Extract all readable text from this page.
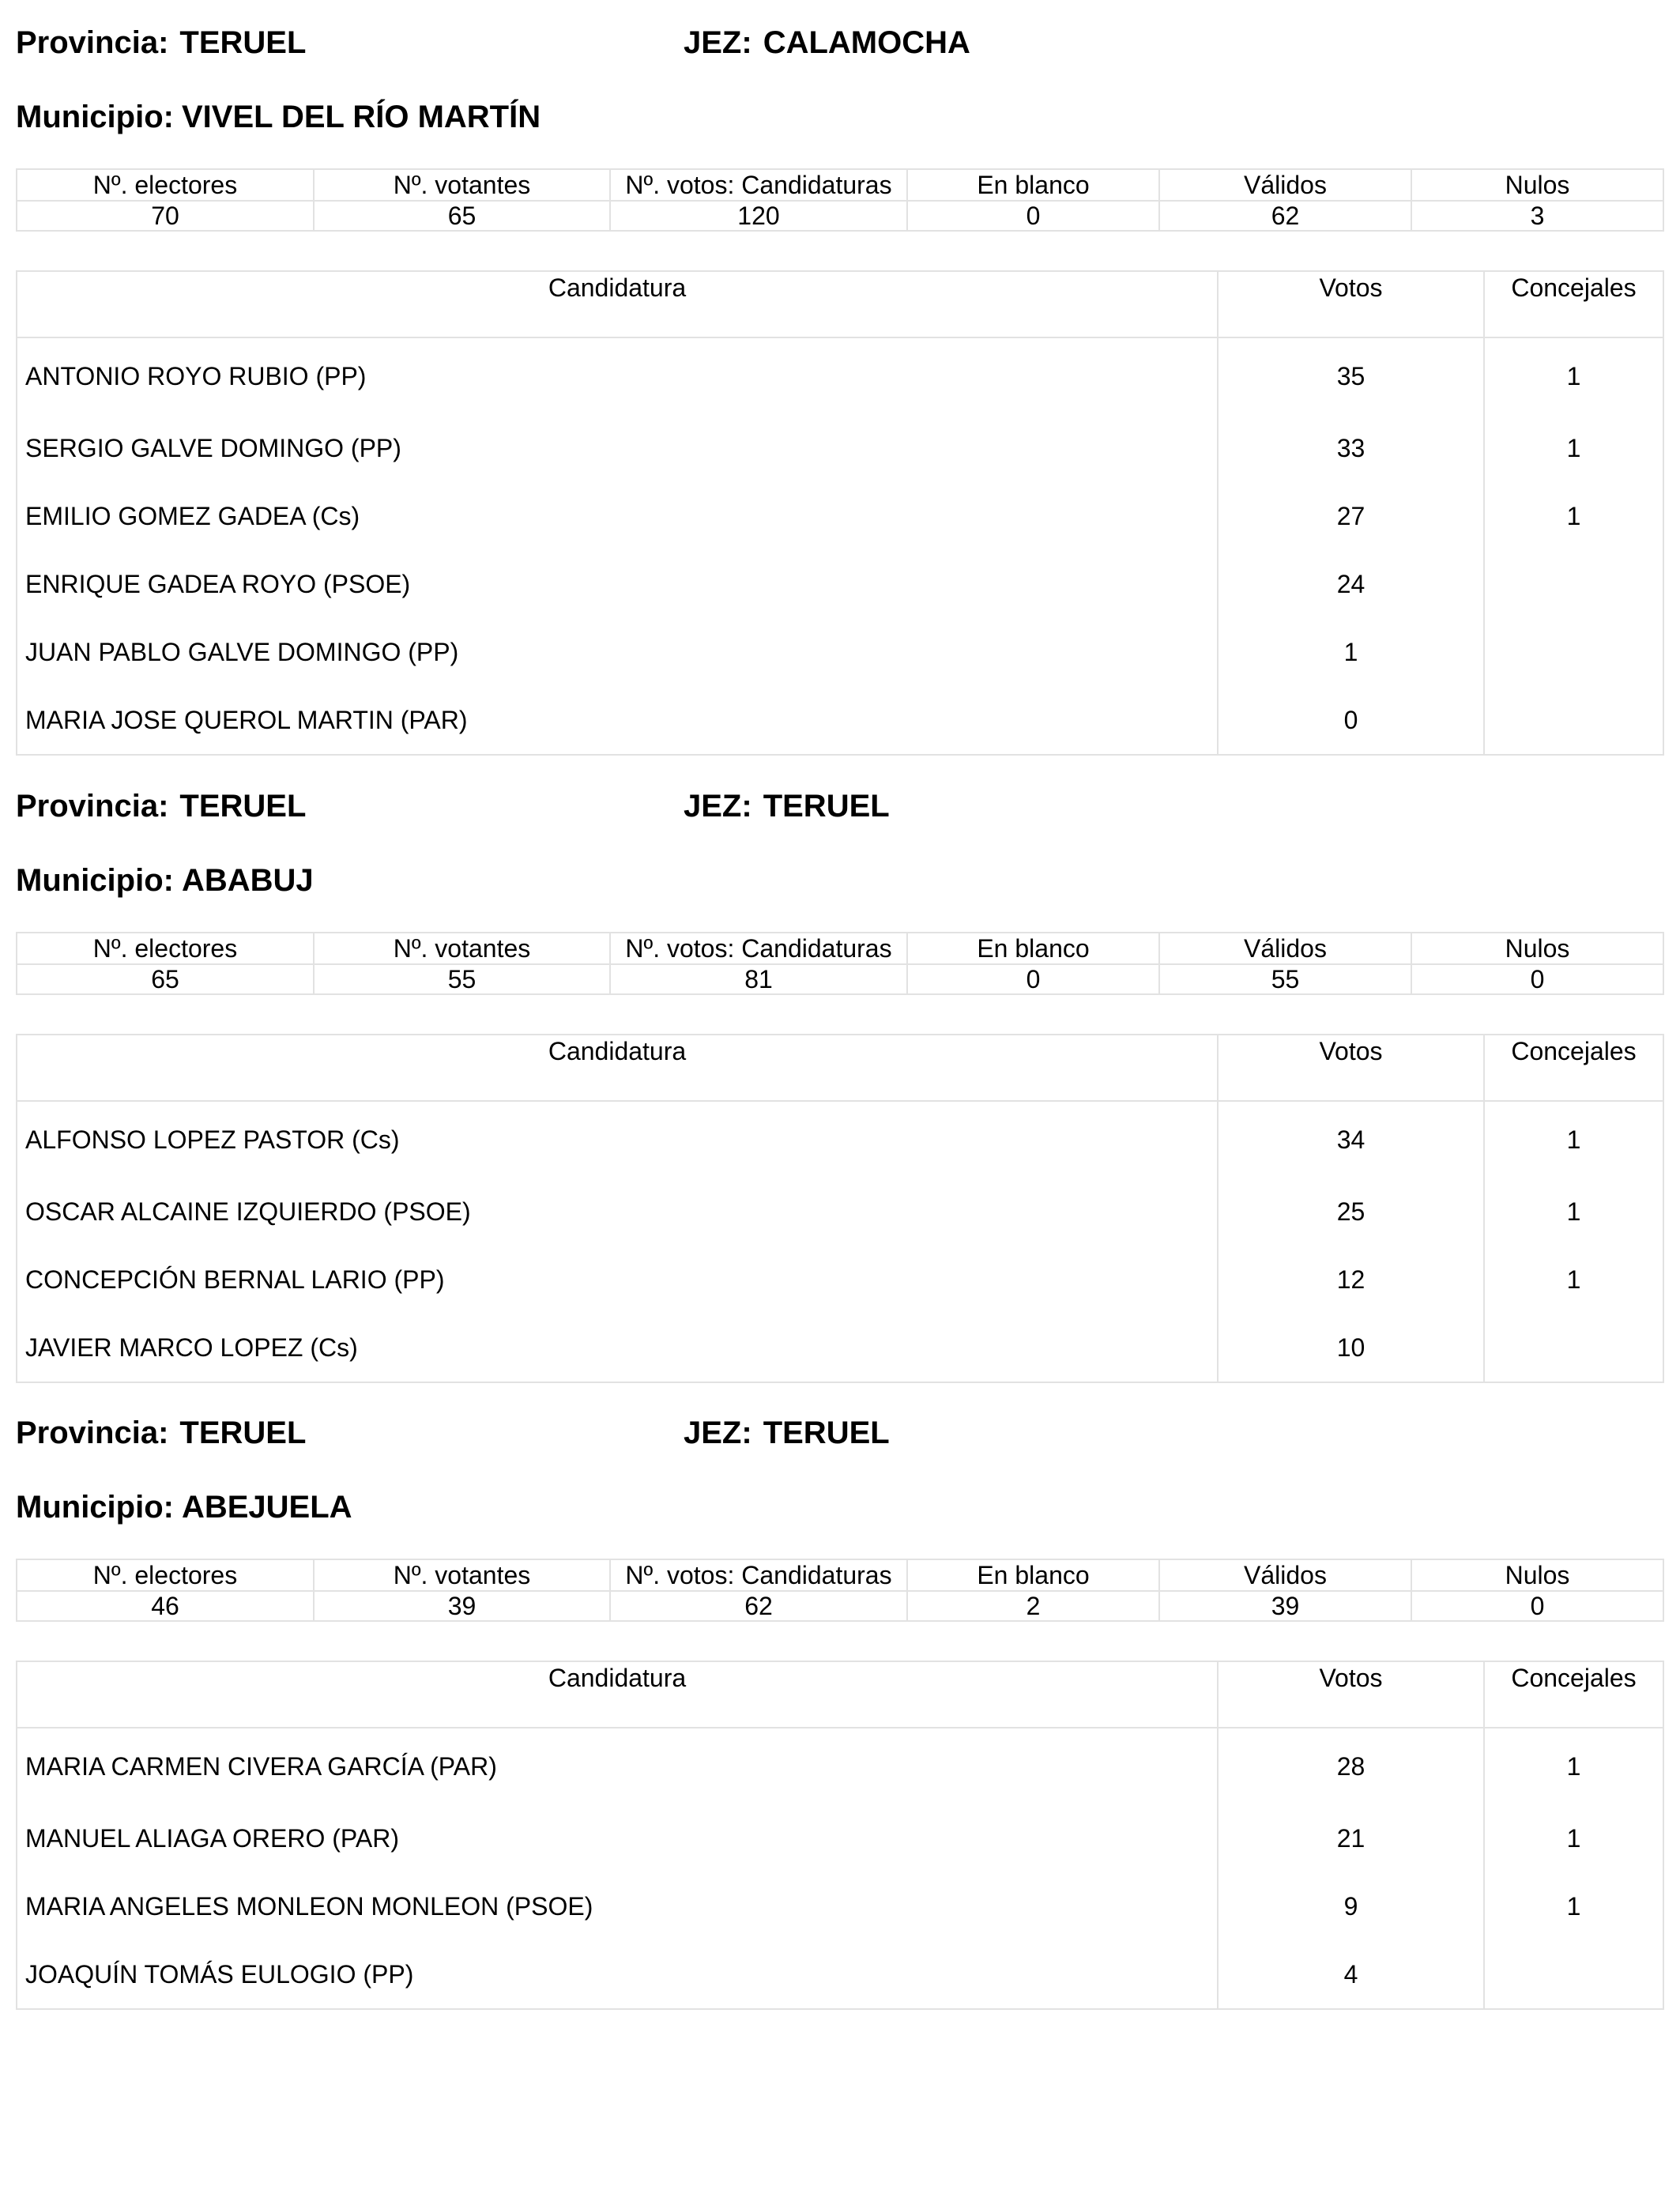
Provincia: TERUEL	JEZ: CALAMOCHA
Municipio: VIVEL DEL RÍO MARTÍN
Nº. electores	Nº. votantes	Nº. votos: Candidaturas	En blanco	Válidos	Nulos
70	65	120	0	62	3
Candidatura	Votos	Concejales
ANTONIO ROYO RUBIO (PP)	35	1
SERGIO GALVE DOMINGO (PP)	33	1
EMILIO GOMEZ GADEA (Cs)	27	1
ENRIQUE GADEA ROYO (PSOE)	24	
JUAN PABLO GALVE DOMINGO (PP)	1	
MARIA JOSE QUEROL MARTIN (PAR)	0	
Provincia: TERUEL	JEZ: TERUEL
Municipio: ABABUJ
Nº. electores	Nº. votantes	Nº. votos: Candidaturas	En blanco	Válidos	Nulos
65	55	81	0	55	0
Candidatura	Votos	Concejales
ALFONSO LOPEZ PASTOR (Cs)	34	1
OSCAR ALCAINE IZQUIERDO (PSOE)	25	1
CONCEPCIÓN BERNAL LARIO (PP)	12	1
JAVIER MARCO LOPEZ (Cs)	10	
Provincia: TERUEL	JEZ: TERUEL
Municipio: ABEJUELA
Nº. electores	Nº. votantes	Nº. votos: Candidaturas	En blanco	Válidos	Nulos
46	39	62	2	39	0
Candidatura	Votos	Concejales
MARIA CARMEN CIVERA GARCÍA (PAR)	28	1
MANUEL ALIAGA ORERO (PAR)	21	1
MARIA ANGELES MONLEON MONLEON (PSOE)	9	1
JOAQUÍN TOMÁS EULOGIO (PP)	4	
